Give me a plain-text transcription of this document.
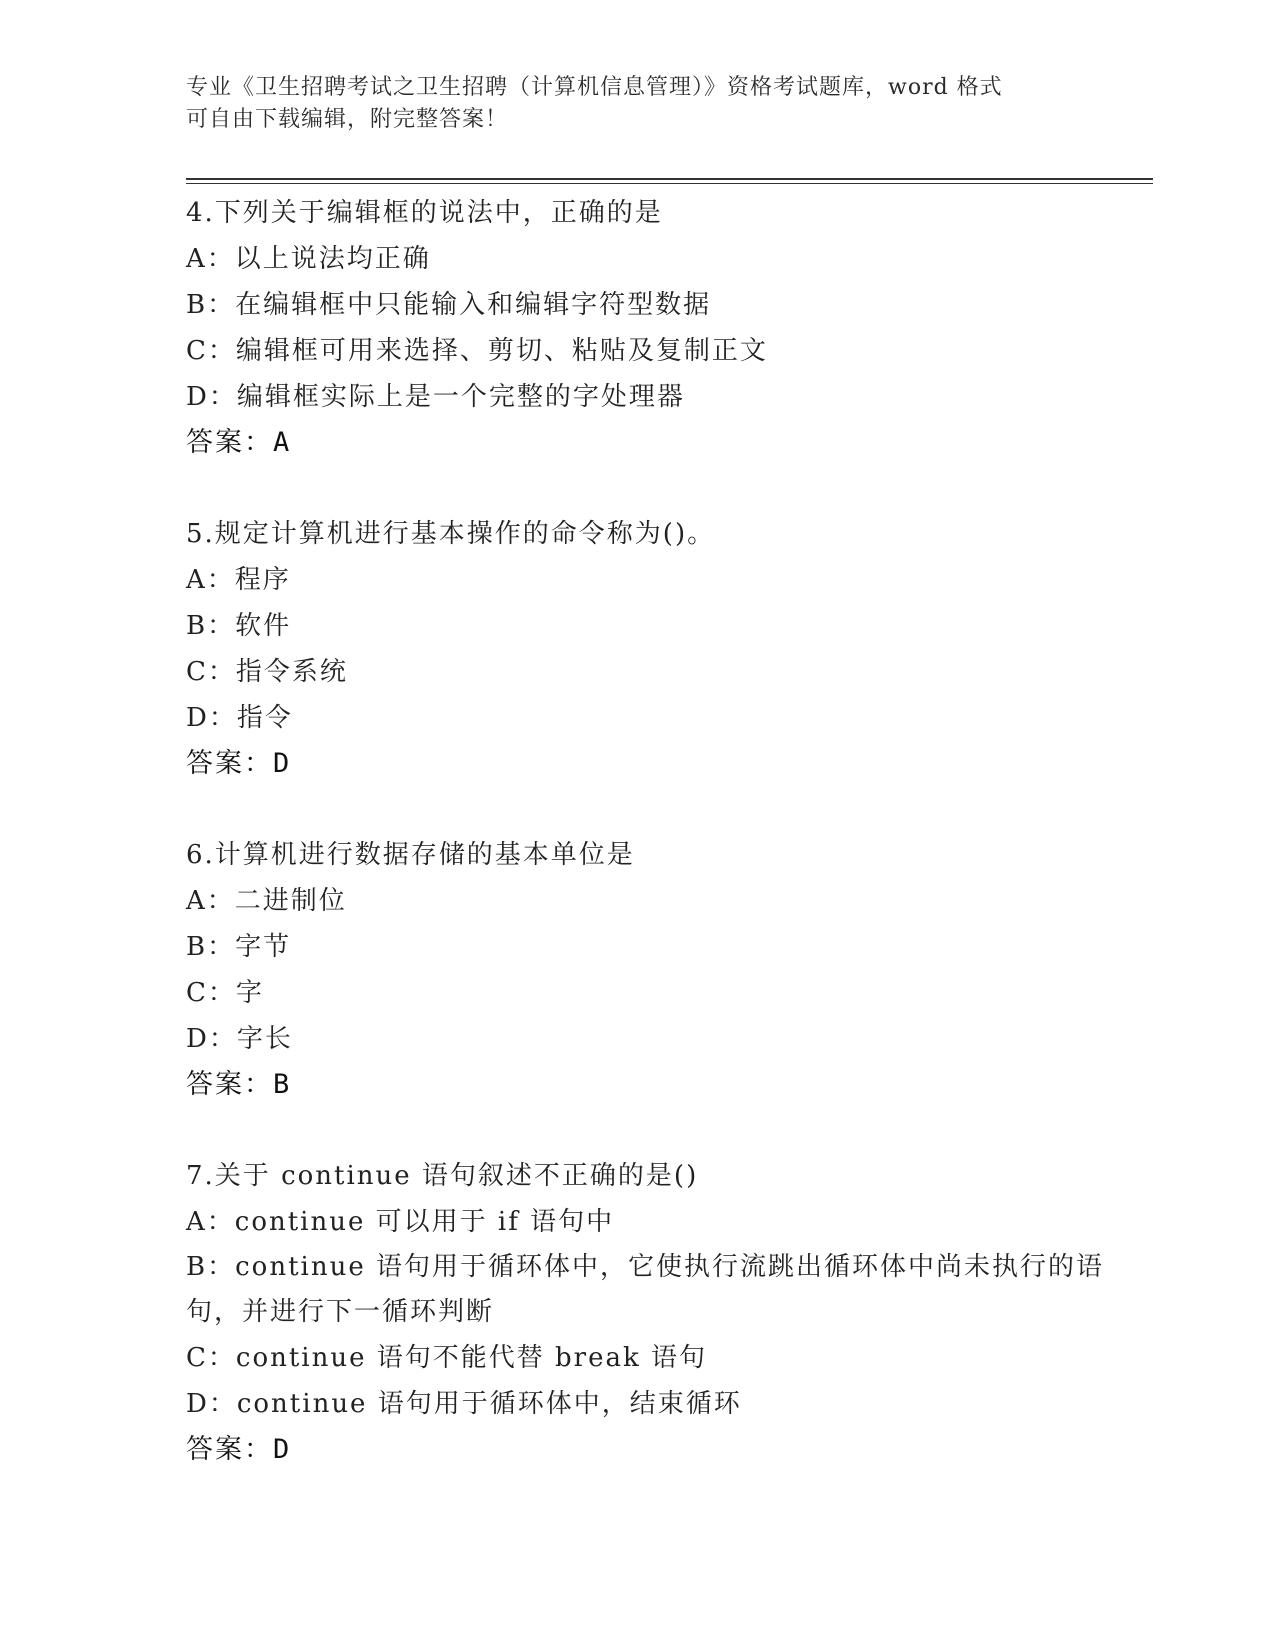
专业《卫生招聘考试之卫生招聘（计算机信息管理）》资格考试题库，word 格式
可自由下载编辑，附完整答案！
4.下列关于编辑框的说法中，正确的是
A：以上说法均正确
B：在编辑框中只能输入和编辑字符型数据
C：编辑框可用来选择、剪切、粘贴及复制正文
D：编辑框实际上是一个完整的字处理器
答案：A
5.规定计算机进行基本操作的命令称为()。
A：程序
B：软件
C：指令系统
D：指令
答案：D
6.计算机进行数据存储的基本单位是
A：二进制位
B：字节
C：字
D：字长
答案：B
7.关于 continue 语句叙述不正确的是()
A：continue 可以用于 if 语句中
B：continue 语句用于循环体中，它使执行流跳出循环体中尚未执行的语句，并进行下一循环判断
C：continue 语句不能代替 break 语句
D：continue 语句用于循环体中，结束循环
答案：D
